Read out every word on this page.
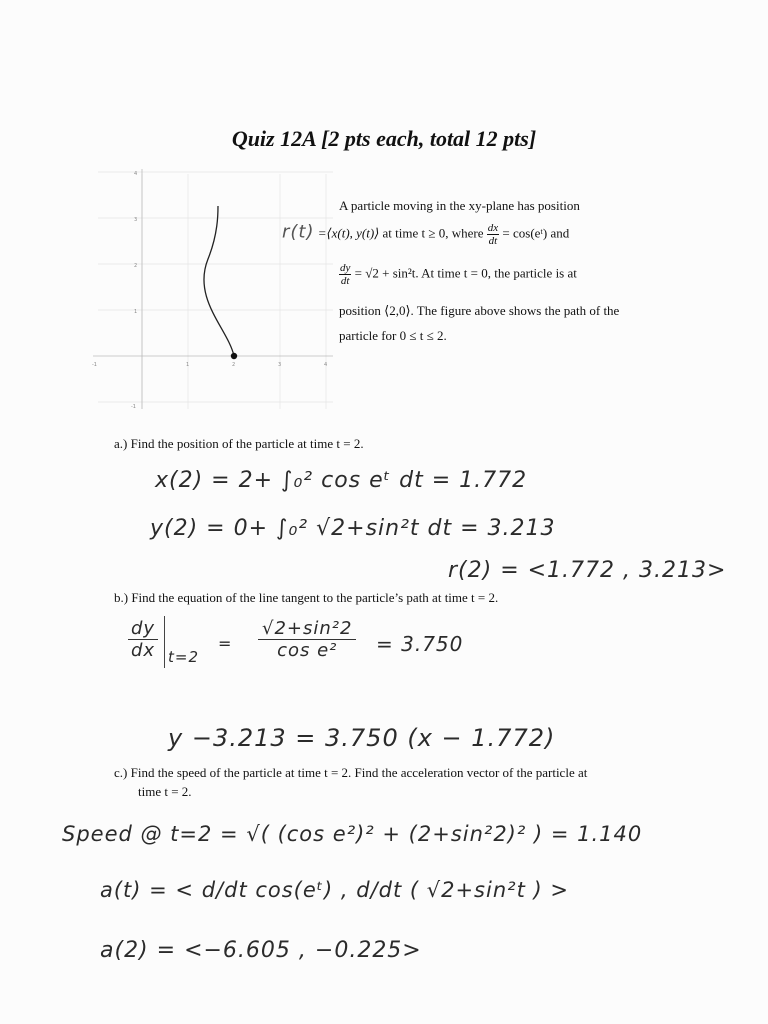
Quiz 12A [2 pts each, total 12 pts]
-1	1	2	3	4
4
3
2
1
-1
A particle moving in the xy-plane has position
r(t) =⟨x(t), y(t)⟩ at time t ≥ 0, where $\frac{dx}{dt}$ = cos(eᵗ) and
$\frac{dy}{dt} = √2 + \sin^2t$. At time t = 0, the particle is at
position ⟨2,0⟩. The figure above shows the path of the
particle for 0 ≤ t ≤ 2.
a.) Find the position of the particle at time t = 2.
x(2) = 2+ ∫₀² cos eᵗ dt = 1.772
y(2) = 0+ ∫₀² √2+sin²t dt = 3.213
r(2) = <1.772 , 3.213>
b.) Find the equation of the line tangent to the particle’s path at time t = 2.
dy
dx t=2
= $\frac{\text{√2+sin²2}}{\text{cos e²}} = 3.750$
y −3.213 = 3.750 (x − 1.772)
c.) Find the speed of the particle at time t = 2. Find the acceleration vector of the particle at
time t = 2.
Speed @ t=2 = √( (cos e²)² + (2+sin²2)² ) = 1.140
a(t) = < d/dt cos(eᵗ) , d/dt ( √2+sin²t ) >
a(2) = <−6.605 , −0.225>
